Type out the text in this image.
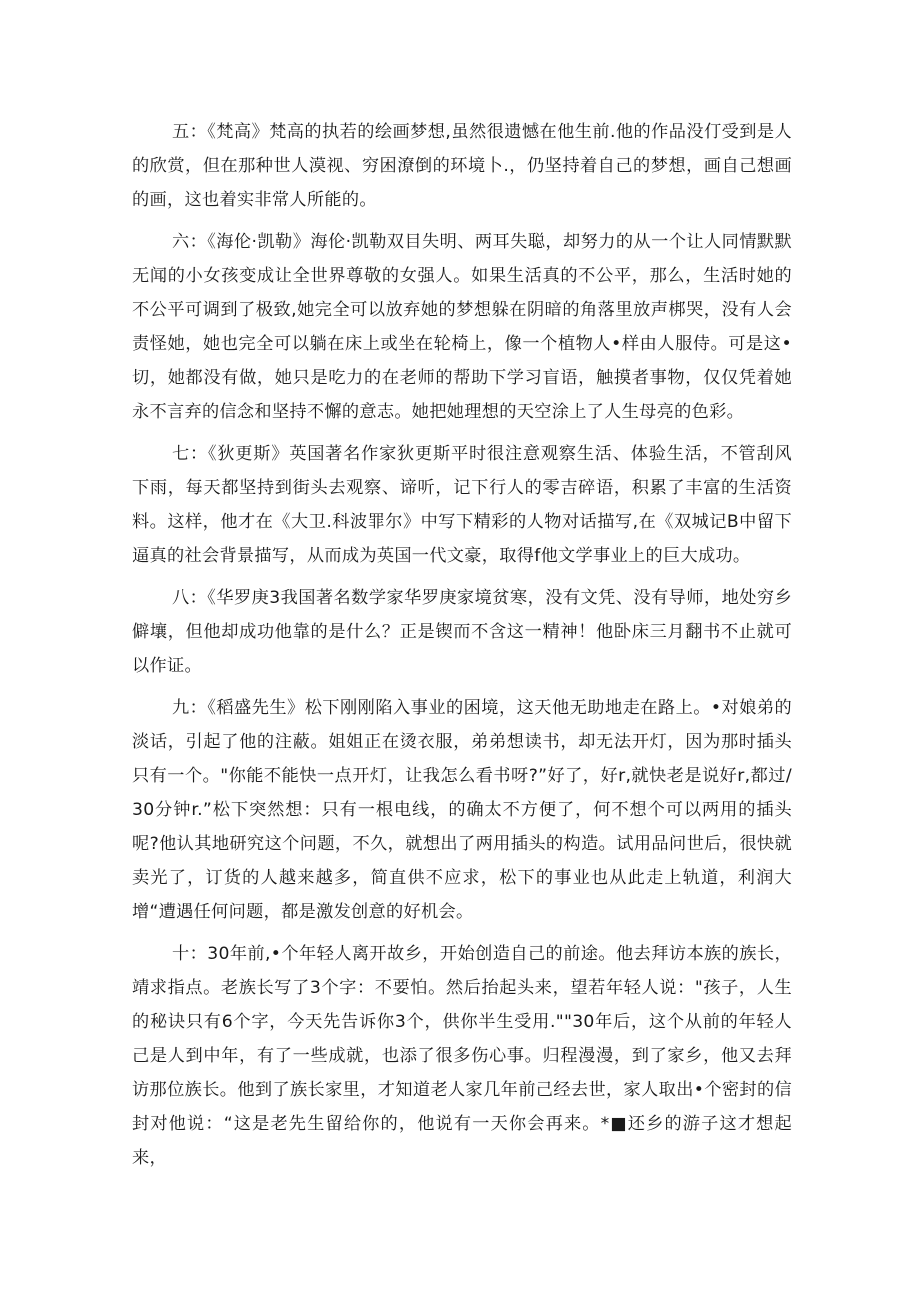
五：《梵高》梵高的执若的绘画梦想,虽然很遗憾在他生前.他的作品没仃受到是人的欣赏，但在那种世人漠视、穷困潦倒的环境卜.，仍坚持着自己的梦想，画自己想画的画，这也着实非常人所能的。

六：《海伦·凯勒》海伦·凯勒双目失明、两耳失聪，却努力的从一个让人同情默默无闻的小女孩变成让全世界尊敬的女强人。如果生活真的不公平，那么，生活时她的不公平可调到了极致,她完全可以放弃她的梦想躲在阴暗的角落里放声梆哭，没有人会责怪她，她也完全可以躺在床上或坐在轮椅上，像一个植物人•样由人服侍。可是这•切，她都没有做，她只是吃力的在老师的帮助下学习盲语，触摸者事物，仅仅凭着她永不言弃的信念和坚持不懈的意志。她把她理想的天空涂上了人生母亮的色彩。

七：《狄更斯》英国著名作家狄更斯平时很注意观察生活、体验生活，不管刮风下雨，每天都坚持到街头去观察、谛听，记下行人的零吉碎语，积累了丰富的生活资料。这样，他才在《大卫.科波罪尔》中写下精彩的人物对话描写,在《双城记B中留下逼真的社会背景描写，从而成为英国一代文豪，取得f他文学事业上的巨大成功。

八：《华罗庚3我国著名数学家华罗庚家境贫寒，没有文凭、没有导师，地处穷乡僻壤，但他却成功他靠的是什么？正是锲而不含这一精神！他卧床三月翻书不止就可以作证。

九：《稻盛先生》松下刚刚陷入事业的困境，这天他无助地走在路上。•对娘弟的淡话，引起了他的注蔽。姐姐正在烫衣服，弟弟想读书，却无法开灯，因为那时插头只有一个。"你能不能快一点开灯，让我怎么看书呀?”好了，好r,就快老是说好r,都过/30分钟r.”松下突然想：只有一根电线，的确太不方便了，何不想个可以两用的插头呢?他认其地研究这个问题，不久，就想出了两用插头的构造。试用品问世后，很快就卖光了，订货的人越来越多，简直供不应求，松下的事业也从此走上轨道，利润大增“遭遇任何问题，都是激发创意的好机会。

十：30年前,•个年轻人离开故乡，开始创造自己的前途。他去拜访本族的族长，靖求指点。老族长写了3个字：不要怕。然后抬起头来，望若年轻人说："孩子，人生的秘诀只有6个字，今天先告诉你3个，供你半生受用.""30年后，这个从前的年轻人己是人到中年，有了一些成就，也添了很多伤心事。归程漫漫，到了家乡，他又去拜访那位族长。他到了族长家里，才知道老人家几年前己经去世，家人取出•个密封的信封对他说：“这是老先生留给你的，他说有一天你会再来。*■还乡的游子这才想起来，
